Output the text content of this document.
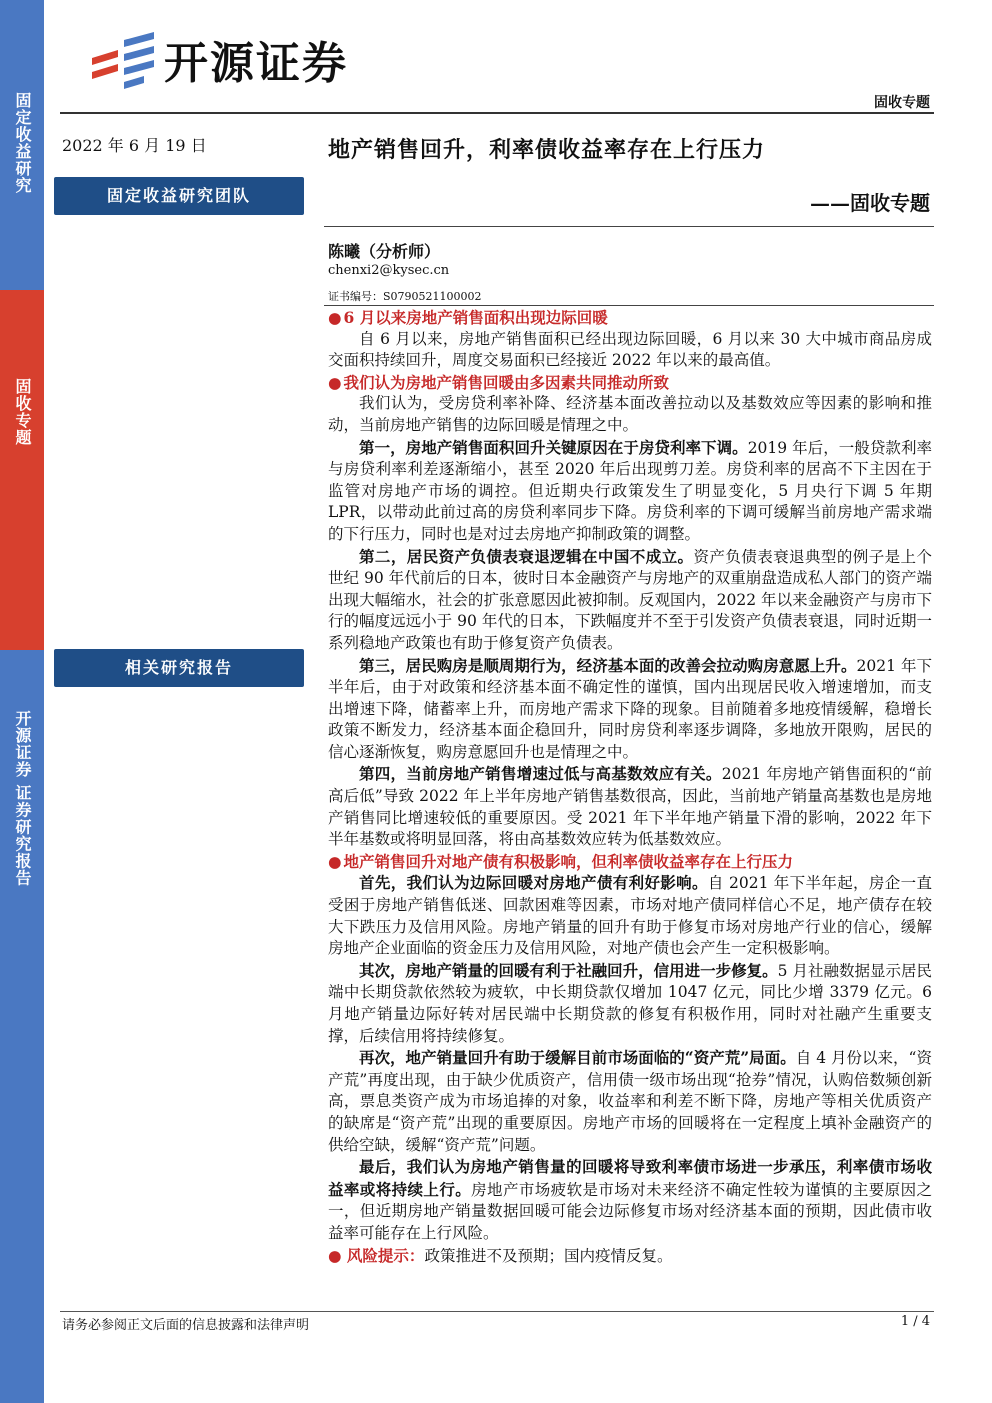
固定收益研究
固收专题
开源证券 证券研究报告
开源证券
固收专题
2022 年 6 月 19 日
固定收益研究团队
相关研究报告
地产销售回升，利率债收益率存在上行压力
——固收专题
陈曦（分析师）
chenxi2@kysec.cn
证书编号：S0790521100002

● 6 月以来房地产销售面积出现边际回暖

自 6 月以来，房地产销售面积已经出现边际回暖，6 月以来 30 大中城市商品房成交面积持续回升，周度交易面积已经接近 2022 年以来的最高值。

● 我们认为房地产销售回暖由多因素共同推动所致

我们认为，受房贷利率补降、经济基本面改善拉动以及基数效应等因素的影响和推动，当前房地产销售的边际回暖是情理之中。

第一，房地产销售面积回升关键原因在于房贷利率下调。2019 年后，一般贷款利率与房贷利率利差逐渐缩小，甚至 2020 年后出现剪刀差。房贷利率的居高不下主因在于监管对房地产市场的调控。但近期央行政策发生了明显变化，5 月央行下调 5 年期 LPR，以带动此前过高的房贷利率同步下降。房贷利率的下调可缓解当前房地产需求端的下行压力，同时也是对过去房地产抑制政策的调整。

第二，居民资产负债表衰退逻辑在中国不成立。资产负债表衰退典型的例子是上个世纪 90 年代前后的日本，彼时日本金融资产与房地产的双重崩盘造成私人部门的资产端出现大幅缩水，社会的扩张意愿因此被抑制。反观国内，2022 年以来金融资产与房市下行的幅度远远小于 90 年代的日本，下跌幅度并不至于引发资产负债表衰退，同时近期一系列稳地产政策也有助于修复资产负债表。

第三，居民购房是顺周期行为，经济基本面的改善会拉动购房意愿上升。2021 年下半年后，由于对政策和经济基本面不确定性的谨慎，国内出现居民收入增速增加，而支出增速下降，储蓄率上升，而房地产需求下降的现象。目前随着多地疫情缓解，稳增长政策不断发力，经济基本面企稳回升，同时房贷利率逐步调降，多地放开限购，居民的信心逐渐恢复，购房意愿回升也是情理之中。

第四，当前房地产销售增速过低与高基数效应有关。2021 年房地产销售面积的“前高后低”导致 2022 年上半年房地产销售基数很高，因此，当前地产销量高基数也是房地产销售同比增速较低的重要原因。受 2021 年下半年地产销量下滑的影响，2022 年下半年基数或将明显回落，将由高基数效应转为低基数效应。

● 地产销售回升对地产债有积极影响，但利率债收益率存在上行压力

首先，我们认为边际回暖对房地产债有利好影响。自 2021 年下半年起，房企一直受困于房地产销售低迷、回款困难等因素，市场对地产债同样信心不足，地产债存在较大下跌压力及信用风险。房地产销量的回升有助于修复市场对房地产行业的信心，缓解房地产企业面临的资金压力及信用风险，对地产债也会产生一定积极影响。

其次，房地产销量的回暖有利于社融回升，信用进一步修复。5 月社融数据显示居民端中长期贷款依然较为疲软，中长期贷款仅增加 1047 亿元，同比少增 3379 亿元。6 月地产销量边际好转对居民端中长期贷款的修复有积极作用，同时对社融产生重要支撑，后续信用将持续修复。

再次，地产销量回升有助于缓解目前市场面临的“资产荒”局面。自 4 月份以来，“资产荒”再度出现，由于缺少优质资产，信用债一级市场出现“抢券”情况，认购倍数频创新高，票息类资产成为市场追捧的对象，收益率和利差不断下降，房地产等相关优质资产的缺席是“资产荒”出现的重要原因。房地产市场的回暖将在一定程度上填补金融资产的供给空缺，缓解“资产荒”问题。

最后，我们认为房地产销售量的回暖将导致利率债市场进一步承压，利率债市场收益率或将持续上行。房地产市场疲软是市场对未来经济不确定性较为谨慎的主要原因之一，但近期房地产销量数据回暖可能会边际修复市场对经济基本面的预期，因此债市收益率可能存在上行风险。

● 风险提示：政策推进不及预期；国内疫情反复。

请务必参阅正文后面的信息披露和法律声明	1 / 4
